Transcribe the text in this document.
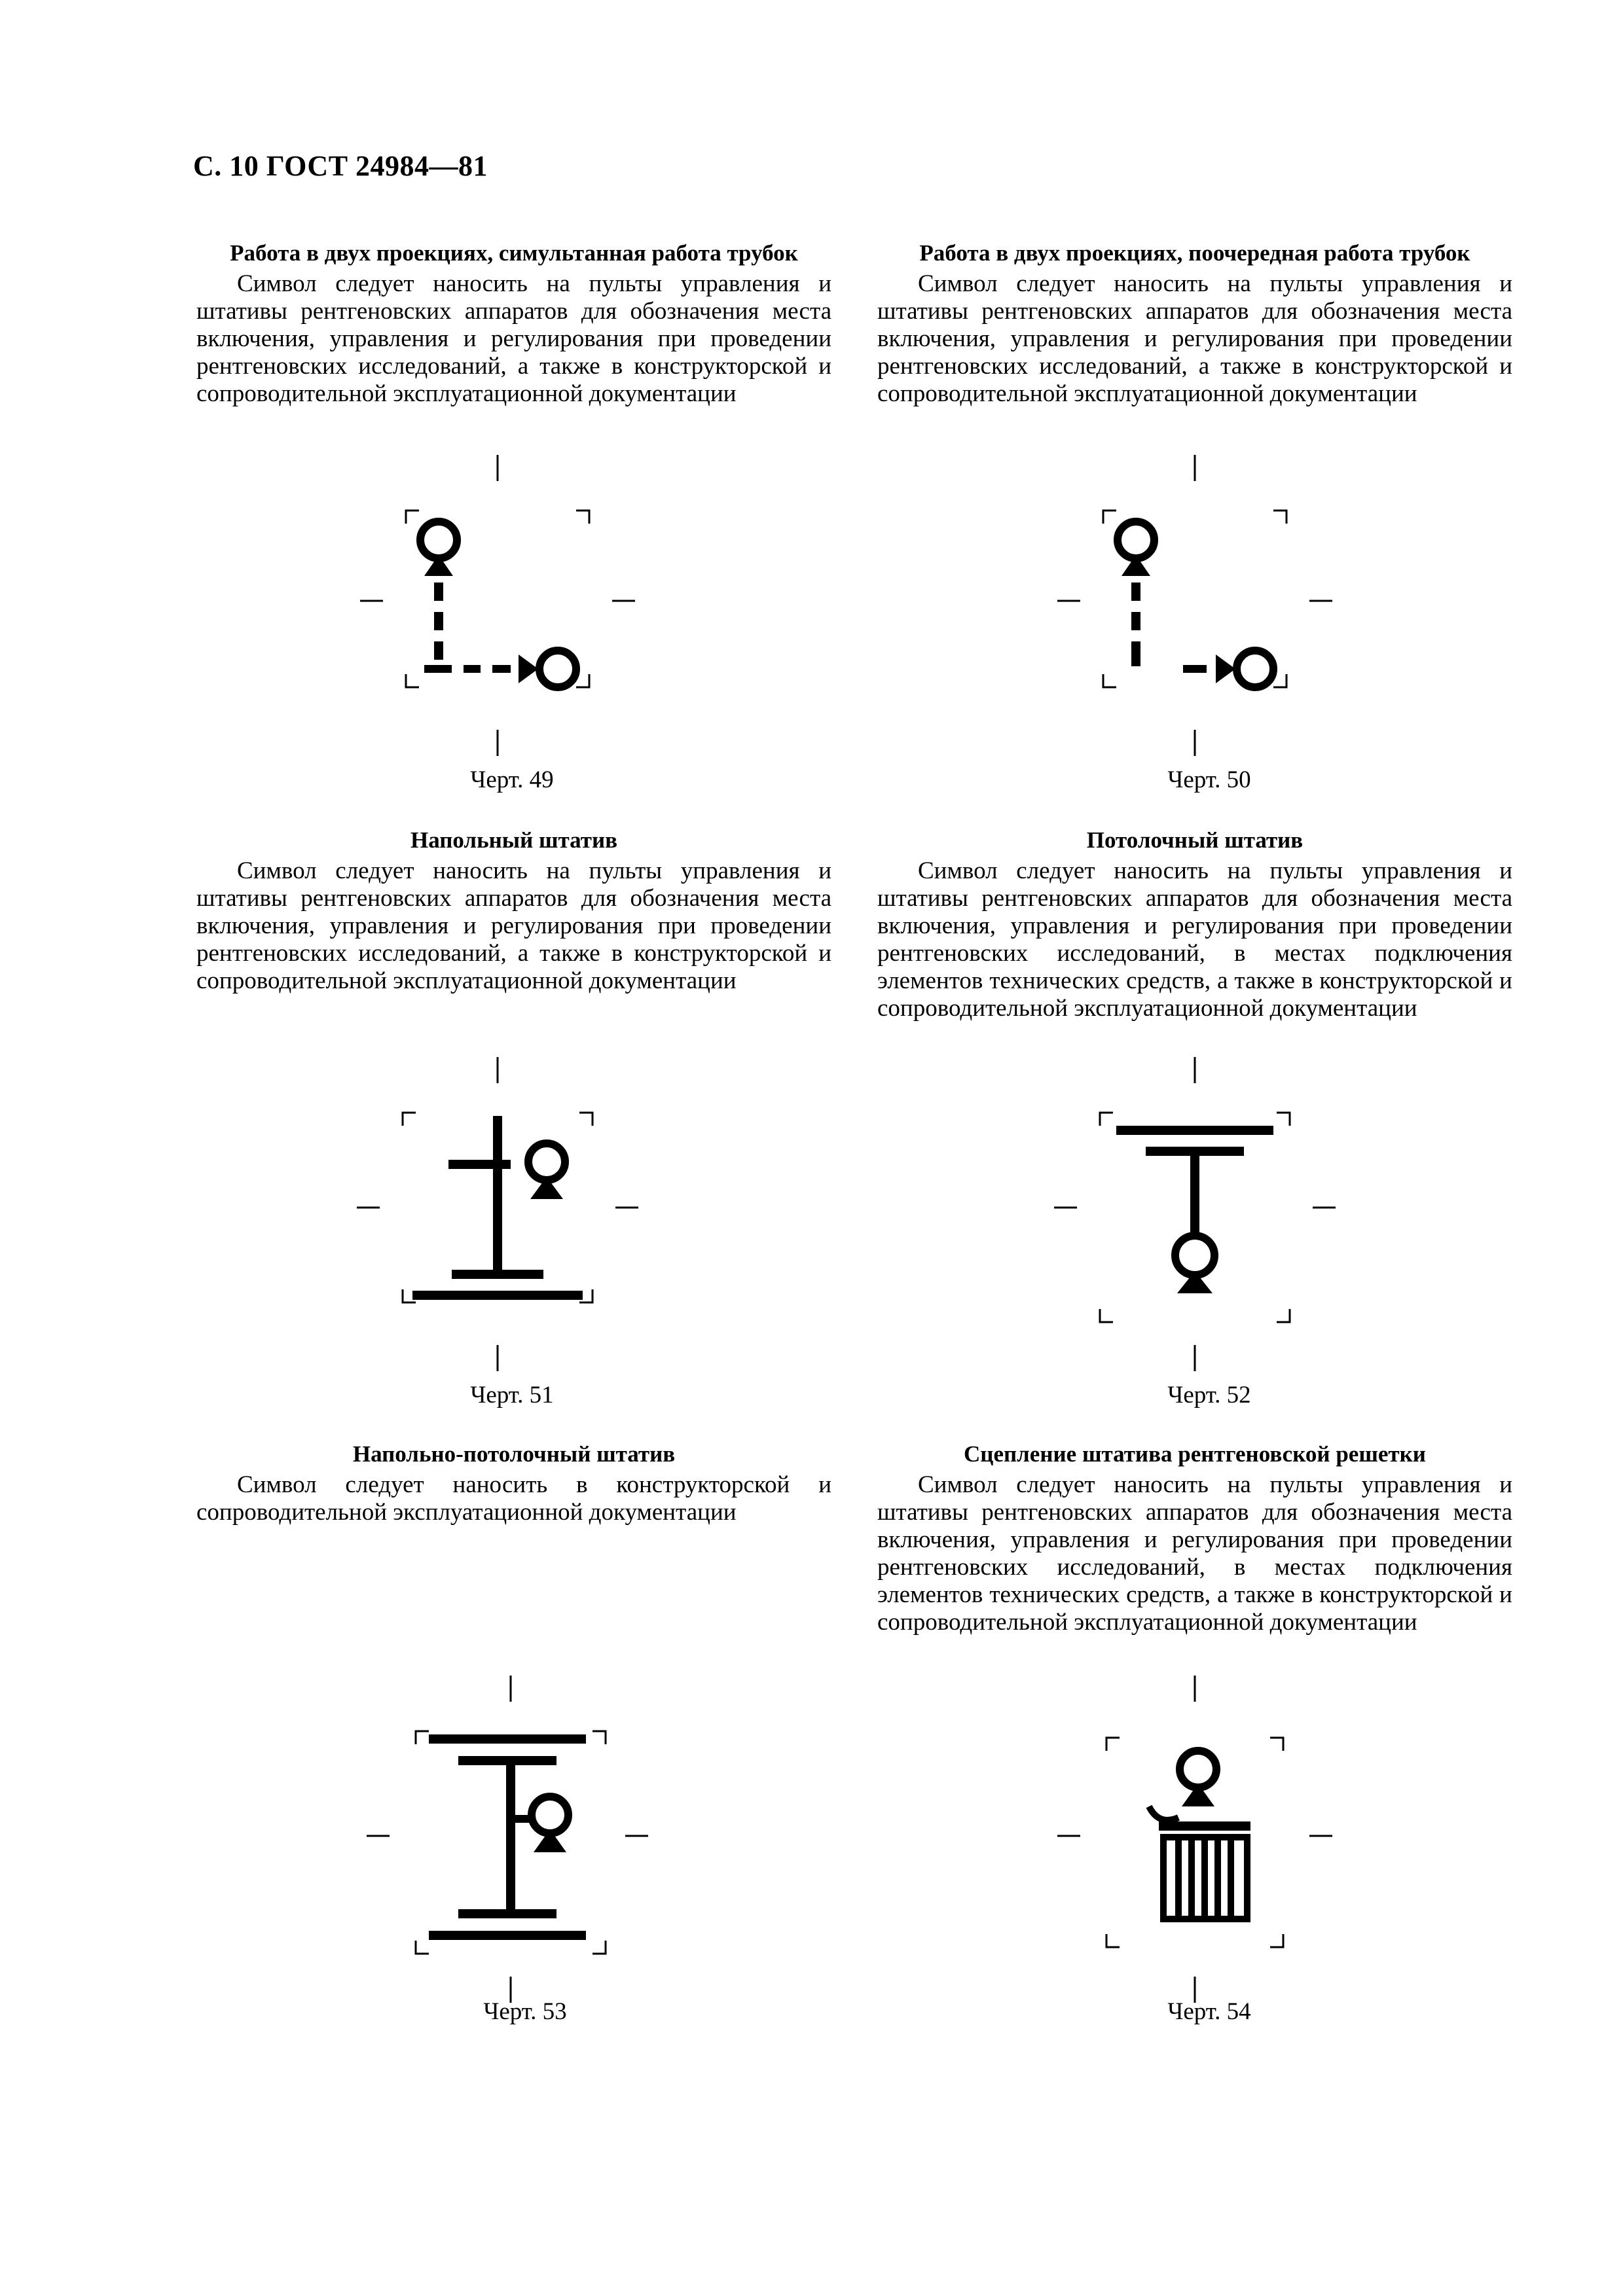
С. 10 ГОСТ 24984—81
Работа в двух проекциях, симультанная работа трубок

Символ следует наносить на пульты управления и штативы рентгеновских аппаратов для обозначения места включения, управления и регулирования при проведении рентгеновских исследований, а также в конструкторской и сопроводительной эксплуатационной документации

Черт. 49
Работа в двух проекциях, поочередная работа трубок

Символ следует наносить на пульты управления и штативы рентгеновских аппаратов для обозначения места включения, управления и регулирования при проведении рентгеновских исследований, а также в конструкторской и сопроводительной эксплуатационной документации

Черт. 50
Напольный штатив

Символ следует наносить на пульты управления и штативы рентгеновских аппаратов для обозначения места включения, управления и регулирования при проведении рентгеновских исследований, а также в конструкторской и сопроводительной эксплуатационной документации

Черт. 51
Потолочный штатив

Символ следует наносить на пульты управления и штативы рентгеновских аппаратов для обозначения места включения, управления и регулирования при проведении рентгеновских исследований, в местах подключения элементов технических средств, а также в конструкторской и сопроводительной эксплуатационной документации

Черт. 52
Напольно-потолочный штатив

Символ следует наносить в конструкторской и сопроводительной эксплуатационной документации

Черт. 53
Сцепление штатива рентгеновской решетки

Символ следует наносить на пульты управления и штативы рентгеновских аппаратов для обозначения места включения, управления и регулирования при проведении рентгеновских исследований, в местах подключения элементов технических средств, а также в конструкторской и сопроводительной эксплуатационной документации

Черт. 54
